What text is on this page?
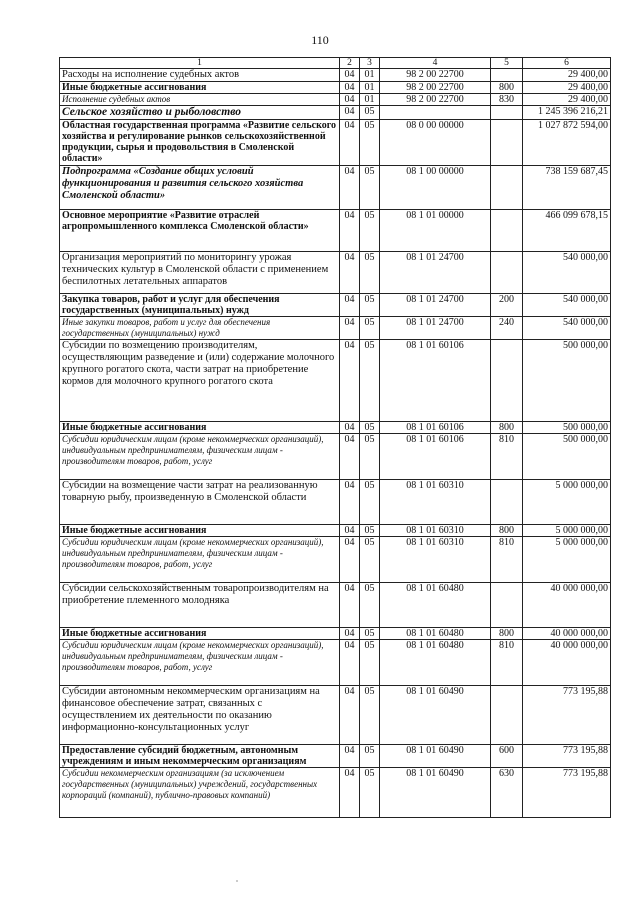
110
1	2	3	4	5	6
Расходы на исполнение судебных актов	04	01	98 2 00 22700		29 400,00
Иные бюджетные ассигнования	04	01	98 2 00 22700	800	29 400,00
Исполнение судебных актов	04	01	98 2 00 22700	830	29 400,00
Сельское хозяйство и рыболовство	04	05			1 245 396 216,21
Областная государственная программа «Развитие сельского хозяйства и регулирование рынков сельскохозяйственной продукции, сырья и продовольствия в Смоленской области»	04	05	08 0 00 00000		1 027 872 594,00
Подпрограмма «Создание общих условий функционирования и развития сельского хозяйства Смоленской области»	04	05	08 1 00 00000		738 159 687,45
Основное мероприятие «Развитие отраслей агропромышленного комплекса Смоленской области»	04	05	08 1 01 00000		466 099 678,15
Организация мероприятий по мониторингу урожая технических культур в Смоленской области с применением беспилотных летательных аппаратов	04	05	08 1 01 24700		540 000,00
Закупка товаров, работ и услуг для обеспечения государственных (муниципальных) нужд	04	05	08 1 01 24700	200	540 000,00
Иные закупки товаров, работ и услуг для обеспечения государственных (муниципальных) нужд	04	05	08 1 01 24700	240	540 000,00
Субсидии по возмещению производителям, осуществляющим разведение и (или) содержание молочного крупного рогатого скота, части затрат на приобретение кормов для молочного крупного рогатого скота	04	05	08 1 01 60106		500 000,00
Иные бюджетные ассигнования	04	05	08 1 01 60106	800	500 000,00
Субсидии юридическим лицам (кроме некоммерческих организаций), индивидуальным предпринимателям, физическим лицам - производителям товаров, работ, услуг	04	05	08 1 01 60106	810	500 000,00
Субсидии на возмещение части затрат на реализованную товарную рыбу, произведенную в Смоленской области	04	05	08 1 01 60310		5 000 000,00
Иные бюджетные ассигнования	04	05	08 1 01 60310	800	5 000 000,00
Субсидии юридическим лицам (кроме некоммерческих организаций), индивидуальным предпринимателям, физическим лицам - производителям товаров, работ, услуг	04	05	08 1 01 60310	810	5 000 000,00
Субсидии сельскохозяйственным товаропроизводителям на приобретение племенного молодняка	04	05	08 1 01 60480		40 000 000,00
Иные бюджетные ассигнования	04	05	08 1 01 60480	800	40 000 000,00
Субсидии юридическим лицам (кроме некоммерческих организаций), индивидуальным предпринимателям, физическим лицам - производителям товаров, работ, услуг	04	05	08 1 01 60480	810	40 000 000,00
Субсидии автономным некоммерческим организациям на финансовое обеспечение затрат, связанных с осуществлением их деятельности по оказанию информационно-консультационных услуг	04	05	08 1 01 60490		773 195,88
Предоставление субсидий бюджетным, автономным учреждениям и иным некоммерческим организациям	04	05	08 1 01 60490	600	773 195,88
Субсидии некоммерческим организациям (за исключением государственных (муниципальных) учреждений, государственных корпораций (компаний), публично-правовых компаний)	04	05	08 1 01 60490	630	773 195,88
